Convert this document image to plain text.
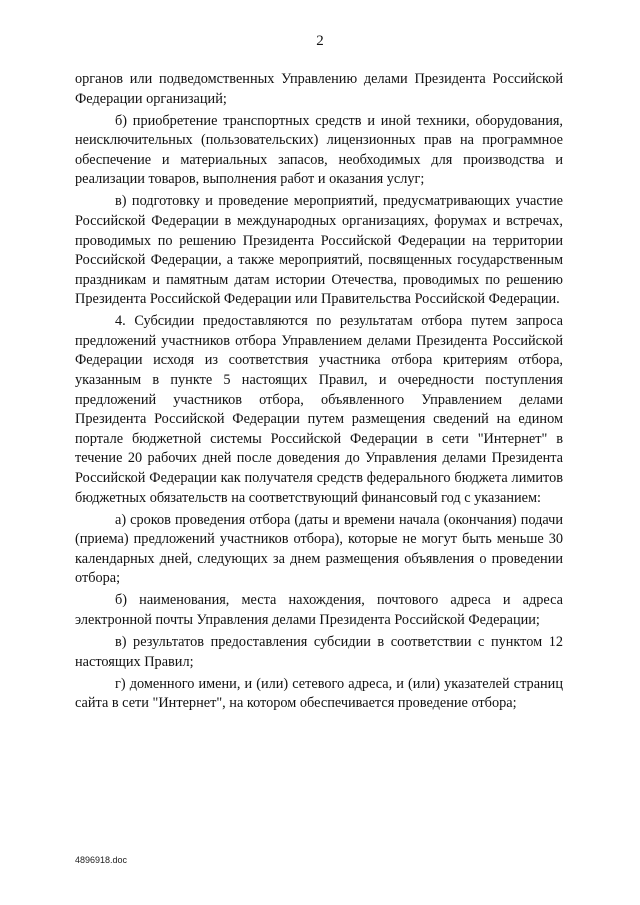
2

органов или подведомственных Управлению делами Президента Российской Федерации организаций;

б) приобретение транспортных средств и иной техники, оборудования, неисключительных (пользовательских) лицензионных прав на программное обеспечение и материальных запасов, необходимых для производства и реализации товаров, выполнения работ и оказания услуг;

в) подготовку и проведение мероприятий, предусматривающих участие Российской Федерации в международных организациях, форумах и встречах, проводимых по решению Президента Российской Федерации на территории Российской Федерации, а также мероприятий, посвященных государственным праздникам и памятным датам истории Отечества, проводимых по решению Президента Российской Федерации или Правительства Российской Федерации.

4. Субсидии предоставляются по результатам отбора путем запроса предложений участников отбора Управлением делами Президента Российской Федерации исходя из соответствия участника отбора критериям отбора, указанным в пункте 5 настоящих Правил, и очередности поступления предложений участников отбора, объявленного Управлением делами Президента Российской Федерации путем размещения сведений на едином портале бюджетной системы Российской Федерации в сети "Интернет" в течение 20 рабочих дней после доведения до Управления делами Президента Российской Федерации как получателя средств федерального бюджета лимитов бюджетных обязательств на соответствующий финансовый год с указанием:

а) сроков проведения отбора (даты и времени начала (окончания) подачи (приема) предложений участников отбора), которые не могут быть меньше 30 календарных дней, следующих за днем размещения объявления о проведении отбора;

б) наименования, места нахождения, почтового адреса и адреса электронной почты Управления делами Президента Российской Федерации;

в) результатов предоставления субсидии в соответствии с пунктом 12 настоящих Правил;

г) доменного имени, и (или) сетевого адреса, и (или) указателей страниц сайта в сети "Интернет", на котором обеспечивается проведение отбора;

4896918.doc
